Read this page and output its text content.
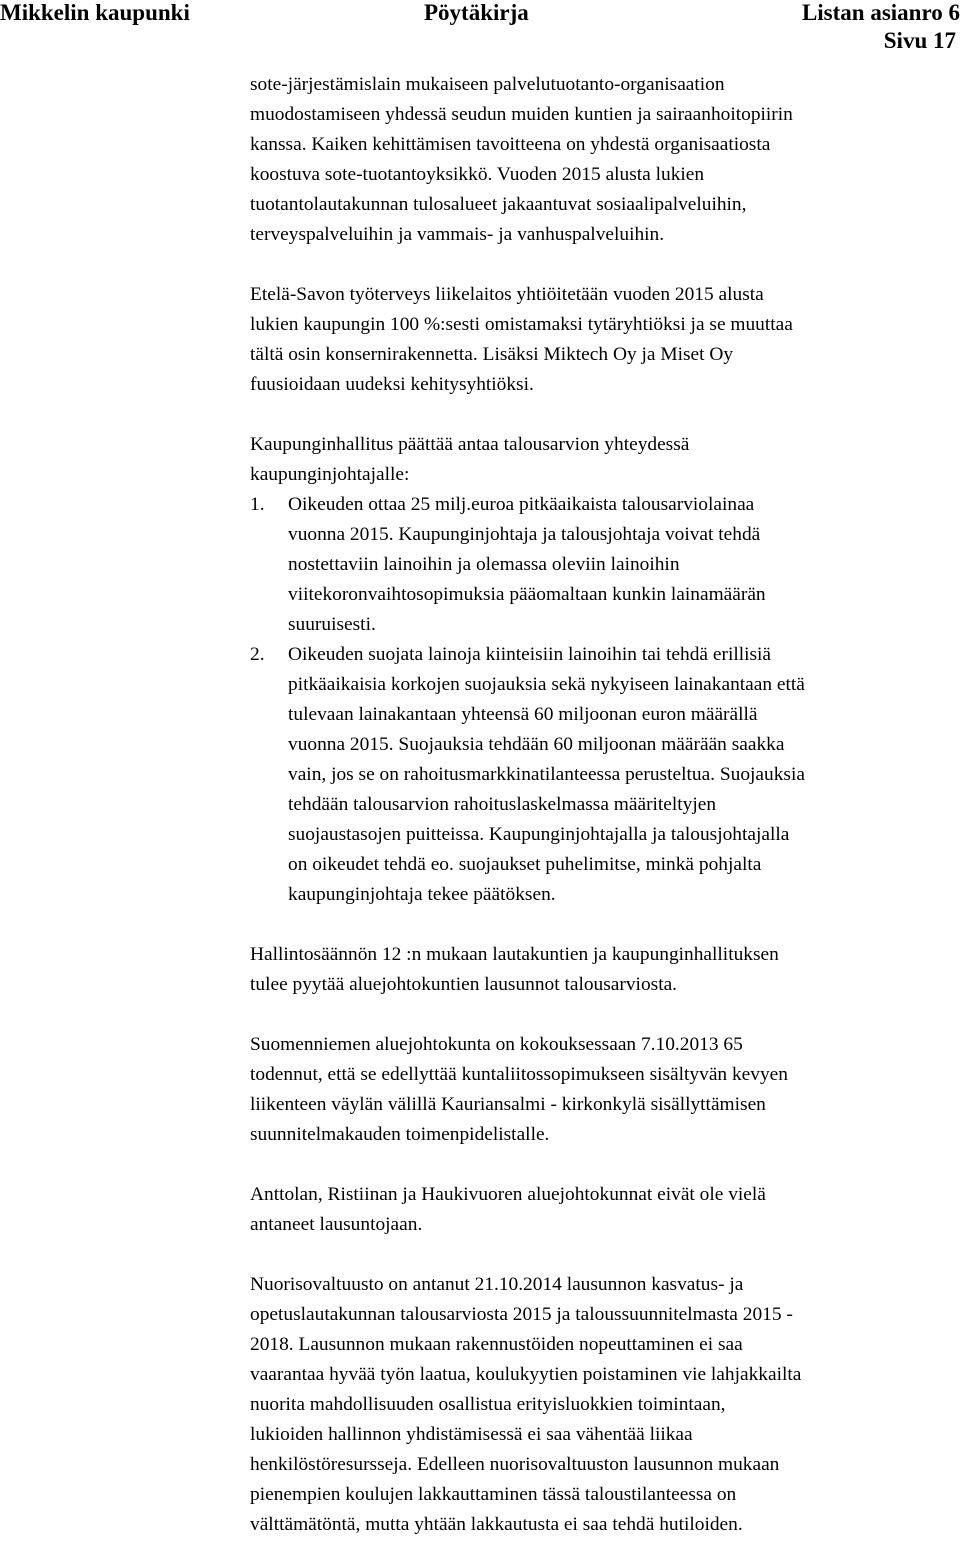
Mikkelin kaupunki	Pöytäkirja	Listan asianro 6
Sivu 17

sote-järjestämislain mukaiseen palvelutuotanto-organisaation
muodostamiseen yhdessä seudun muiden kuntien ja sairaanhoitopiirin
kanssa. Kaiken kehittämisen tavoitteena on yhdestä organisaatiosta
koostuva sote-tuotantoyksikkö. Vuoden 2015 alusta lukien
tuotantolautakunnan tulosalueet jakaantuvat sosiaalipalveluihin,
terveyspalveluihin ja vammais- ja vanhuspalveluihin.

Etelä-Savon työterveys liikelaitos yhtiöitetään vuoden 2015 alusta
lukien kaupungin 100 %:sesti omistamaksi tytäryhtiöksi ja se muuttaa
tältä osin konsernirakennetta. Lisäksi Miktech Oy ja Miset Oy
fuusioidaan uudeksi kehitysyhtiöksi.

Kaupunginhallitus päättää antaa talousarvion yhteydessä
kaupunginjohtajalle:

1. Oikeuden ottaa 25 milj.euroa pitkäaikaista talousarviolainaa
vuonna 2015. Kaupunginjohtaja ja talousjohtaja voivat tehdä
nostettaviin lainoihin ja olemassa oleviin lainoihin
viitekoronvaihtosopimuksia pääomaltaan kunkin lainamäärän
suuruisesti.
2. Oikeuden suojata lainoja kiinteisiin lainoihin tai tehdä erillisiä
pitkäaikaisia korkojen suojauksia sekä nykyiseen lainakantaan että
tulevaan lainakantaan yhteensä 60 miljoonan euron määrällä
vuonna 2015. Suojauksia tehdään 60 miljoonan määrään saakka
vain, jos se on rahoitusmarkkinatilanteessa perusteltua. Suojauksia
tehdään talousarvion rahoituslaskelmassa määriteltyjen
suojaustasojen puitteissa. Kaupunginjohtajalla ja talousjohtajalla
on oikeudet tehdä eo. suojaukset puhelimitse, minkä pohjalta
kaupunginjohtaja tekee päätöksen.

Hallintosäännön 12 :n mukaan lautakuntien ja kaupunginhallituksen
tulee pyytää aluejohtokuntien lausunnot talousarviosta.

Suomenniemen aluejohtokunta on kokouksessaan 7.10.2013 65
todennut, että se edellyttää kuntaliitossopimukseen sisältyvän kevyen
liikenteen väylän välillä Kauriansalmi - kirkonkylä sisällyttämisen
suunnitelmakauden toimenpidelistalle.

Anttolan, Ristiinan ja Haukivuoren aluejohtokunnat eivät ole vielä
antaneet lausuntojaan.

Nuorisovaltuusto on antanut 21.10.2014 lausunnon kasvatus- ja
opetuslautakunnan talousarviosta 2015 ja taloussuunnitelmasta 2015 -
2018. Lausunnon mukaan rakennustöiden nopeuttaminen ei saa
vaarantaa hyvää työn laatua, koulukyytien poistaminen vie lahjakkailta
nuorita mahdollisuuden osallistua erityisluokkien toimintaan,
lukioiden hallinnon yhdistämisessä ei saa vähentää liikaa
henkilöstöresursseja. Edelleen nuorisovaltuuston lausunnon mukaan
pienempien koulujen lakkauttaminen tässä taloustilanteessa on
välttämätöntä, mutta yhtään lakkautusta ei saa tehdä hutiloiden.
